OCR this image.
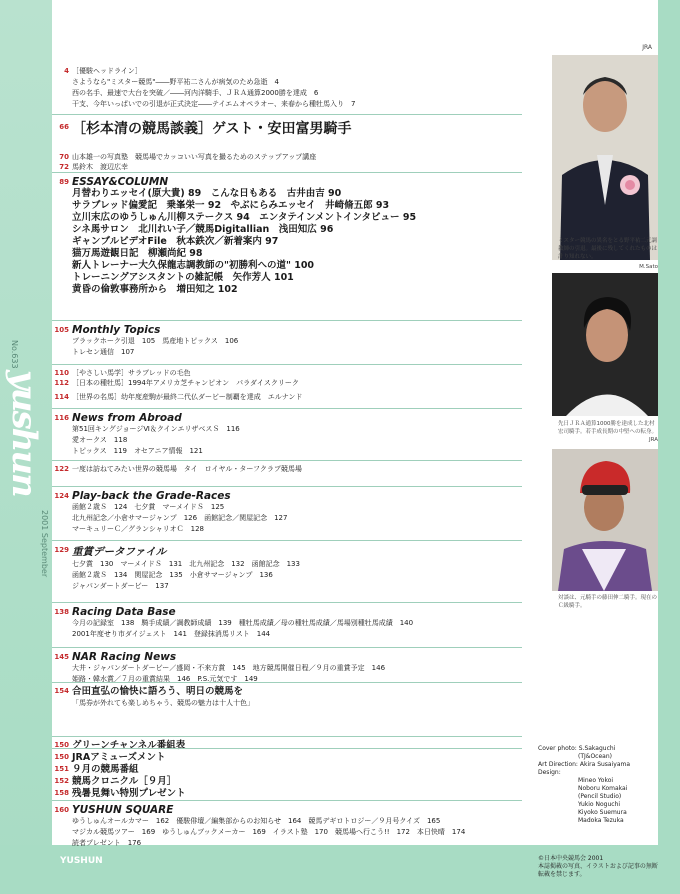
No.633
yushun
2001 September
YUSHUN
4 ［優駿ヘッドライン］
さようなら"ミスター競馬"――野平祐二さんが病気のため急逝　4
西の名手、最速で大台を突破／――河内洋騎手、ＪＲＡ通算2000勝を達成　6
干支、今年いっぱいでの引退が正式決定――テイエムオペラオー、来春から種牡馬入り　7
66 ［杉本清の競馬談義］ゲスト・安田富男騎手
70 山本雄一の写真塾　競馬場でカッコいい写真を撮るためのステップアップ講座
72 馬鈴木　渡辺広幸
89 ESSAY&COLUMN
月替わりエッセイ(原大貴) 89　こんな日もある　古井由吉 90
サラブレッド偏愛記　乗峯栄一 92　やぶにらみエッセイ　井崎脩五郎 93
立川末広のゆうしゅん川柳ステークス 94　エンタテインメントインタビュー 95
シネ馬サロン　北川れい子／競馬Digitallian　浅田知広 96
ギャンブルビデオFile　秋本鉄次／新着案内 97
猫万馬遊観日記　柳瀬尚紀 98
新人トレーナー大久保龍志調教師の"初勝利への道" 100
トレーニングアシスタントの雑記帳　矢作芳人 101
黄昏の倫敦事務所から　増田知之 102
105 Monthly Topics
ブラックホーク引退　105　馬産地トピックス　106
トレセン通信　107
110 ［やさしい馬学］サラブレッドの毛色
112 ［日本の種牡馬］1994年アメリカ芝チャンピオン　パラダイスクリーク
114 ［世界の名馬］幼年度産駒が最終二代仏ダービー制覇を達成　エルナンド
116 News from Abroad
第51回キングジョージⅥ＆クインエリザベスＳ　116
愛オークス　118
トピックス　119　オセアニア情報　121
122 一度は訪ねてみたい世界の競馬場　タイ　ロイヤル・ターフクラブ競馬場
124 Play-back the Grade-Races
函館２歳Ｓ　124　七夕賞　マーメイドＳ　125
北九州記念／小倉サマージャンプ　126　函館記念／関屋記念　127
マーキュリーＣ／グランシャリオＣ　128
129 重賞データファイル
七夕賞　130　マーメイドＳ　131　北九州記念　132　函館記念　133
函館２歳Ｓ　134　関屋記念　135　小倉サマージャンプ　136
ジャパンダートダービー　137
138 Racing Data Base
今月の記録室　138　騎手成績／調教師成績　139　種牡馬成績／母の種牡馬成績／馬場別種牡馬成績　140
2001年度せり市ダイジェスト　141　登録抹消馬リスト　144
145 NAR Racing News
大井・ジャパンダートダービー／盛岡・不来方賞　145　地方競馬開催日程／９月の重賞予定　146
姫路・韓水賞／７月の重賞結果　146　P.S.元気です　149
154 合田直弘の愉快に語ろう、明日の競馬を
「馬券が外れても楽しめちゃう、競馬の魅力は十人十色」
150 グリーンチャンネル番組表
150 JRAアミューズメント
151 ９月の競馬番組
152 競馬クロニクル［９月］
158 残暑見舞い特別プレゼント
160 YUSHUN SQUARE
ゆうしゅんオールカマー　162　優駿俳壇／編集部からのお知らせ　164　競馬デギロトロジー／９月号クイズ　165
マジカル競馬ツアー　169　ゆうしゅんブックメーカー　169　イラスト塾　170　競馬場へ行こう!!　172　本日快晴　174
読者プレゼント　176
JRA
ミスター競馬の異名をとる野平祐二元調教師の引退。最後に残してくれたものは計り知れない。
M.Sato
先日ＪＲＡ通算1000勝を達成した北村宏司騎手。若手成長期の中堅への転身。
JRA
対談は、元騎手の藤田伸二騎手。現在のＣ級騎手。
Cover photo: S.Sakaguchi
(TJ&Ocean)
Art Direction: Akira Susaiyama
Design:
Mineo Yokoi
Noboru Komakai
(Pencil Studio)
Yukio Noguchi
Kiyoko Suemura
Madoka Tezuka
©日本中央競馬会 2001
本誌掲載の写真、イラストおよび記事の無断転載を禁じます。
